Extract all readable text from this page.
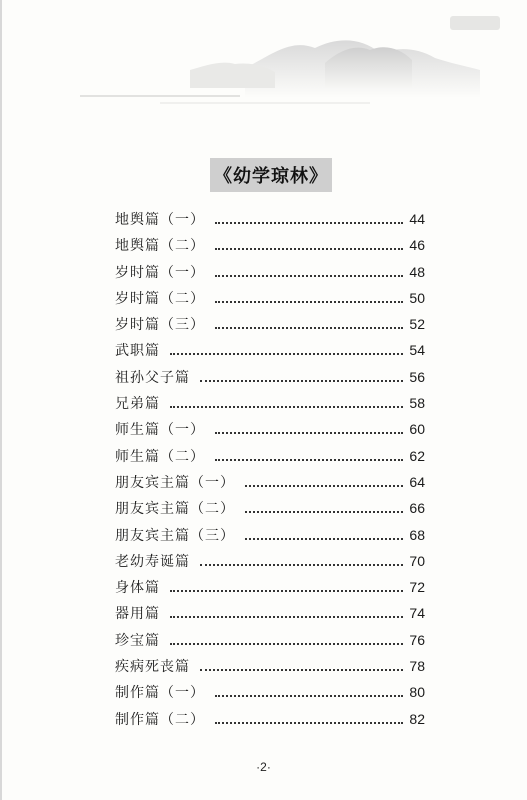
《幼学琼林》
地舆篇（一）	44
地舆篇（二）	46
岁时篇（一）	48
岁时篇（二）	50
岁时篇（三）	52
武职篇	54
祖孙父子篇	56
兄弟篇	58
师生篇（一）	60
师生篇（二）	62
朋友宾主篇（一）	64
朋友宾主篇（二）	66
朋友宾主篇（三）	68
老幼寿诞篇	70
身体篇	72
器用篇	74
珍宝篇	76
疾病死丧篇	78
制作篇（一）	80
制作篇（二）	82
·2·
